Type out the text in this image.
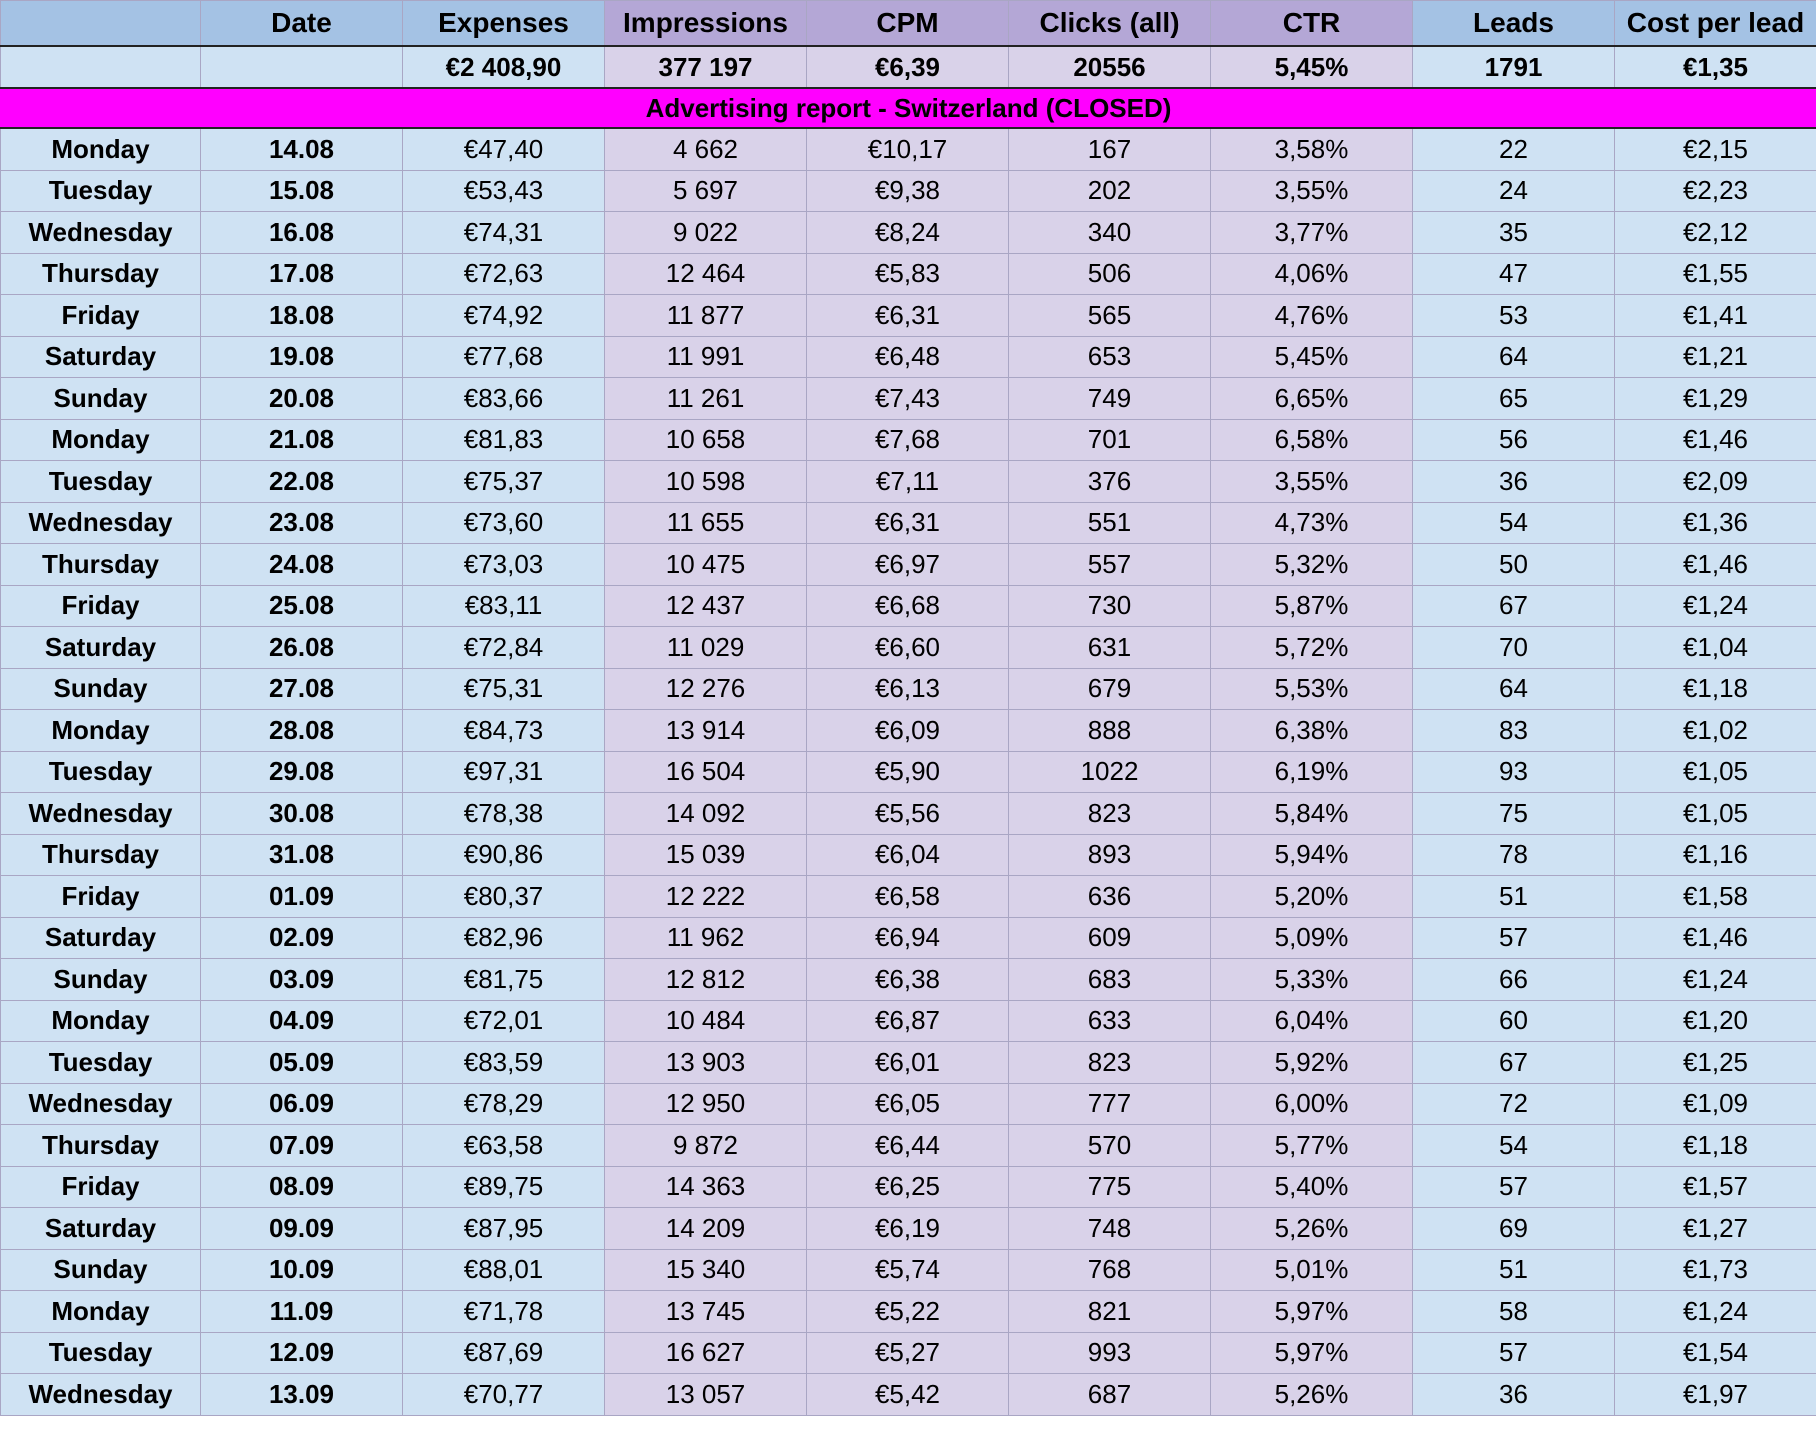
	Date	Expenses	Impressions	CPM	Clicks (all)	CTR	Leads	Cost per lead
		€2 408,90	377 197	€6,39	20556	5,45%	1791	€1,35
Advertising report - Switzerland (CLOSED)								
Monday	14.08	€47,40	4 662	€10,17	167	3,58%	22	€2,15
Tuesday	15.08	€53,43	5 697	€9,38	202	3,55%	24	€2,23
Wednesday	16.08	€74,31	9 022	€8,24	340	3,77%	35	€2,12
Thursday	17.08	€72,63	12 464	€5,83	506	4,06%	47	€1,55
Friday	18.08	€74,92	11 877	€6,31	565	4,76%	53	€1,41
Saturday	19.08	€77,68	11 991	€6,48	653	5,45%	64	€1,21
Sunday	20.08	€83,66	11 261	€7,43	749	6,65%	65	€1,29
Monday	21.08	€81,83	10 658	€7,68	701	6,58%	56	€1,46
Tuesday	22.08	€75,37	10 598	€7,11	376	3,55%	36	€2,09
Wednesday	23.08	€73,60	11 655	€6,31	551	4,73%	54	€1,36
Thursday	24.08	€73,03	10 475	€6,97	557	5,32%	50	€1,46
Friday	25.08	€83,11	12 437	€6,68	730	5,87%	67	€1,24
Saturday	26.08	€72,84	11 029	€6,60	631	5,72%	70	€1,04
Sunday	27.08	€75,31	12 276	€6,13	679	5,53%	64	€1,18
Monday	28.08	€84,73	13 914	€6,09	888	6,38%	83	€1,02
Tuesday	29.08	€97,31	16 504	€5,90	1022	6,19%	93	€1,05
Wednesday	30.08	€78,38	14 092	€5,56	823	5,84%	75	€1,05
Thursday	31.08	€90,86	15 039	€6,04	893	5,94%	78	€1,16
Friday	01.09	€80,37	12 222	€6,58	636	5,20%	51	€1,58
Saturday	02.09	€82,96	11 962	€6,94	609	5,09%	57	€1,46
Sunday	03.09	€81,75	12 812	€6,38	683	5,33%	66	€1,24
Monday	04.09	€72,01	10 484	€6,87	633	6,04%	60	€1,20
Tuesday	05.09	€83,59	13 903	€6,01	823	5,92%	67	€1,25
Wednesday	06.09	€78,29	12 950	€6,05	777	6,00%	72	€1,09
Thursday	07.09	€63,58	9 872	€6,44	570	5,77%	54	€1,18
Friday	08.09	€89,75	14 363	€6,25	775	5,40%	57	€1,57
Saturday	09.09	€87,95	14 209	€6,19	748	5,26%	69	€1,27
Sunday	10.09	€88,01	15 340	€5,74	768	5,01%	51	€1,73
Monday	11.09	€71,78	13 745	€5,22	821	5,97%	58	€1,24
Tuesday	12.09	€87,69	16 627	€5,27	993	5,97%	57	€1,54
Wednesday	13.09	€70,77	13 057	€5,42	687	5,26%	36	€1,97
